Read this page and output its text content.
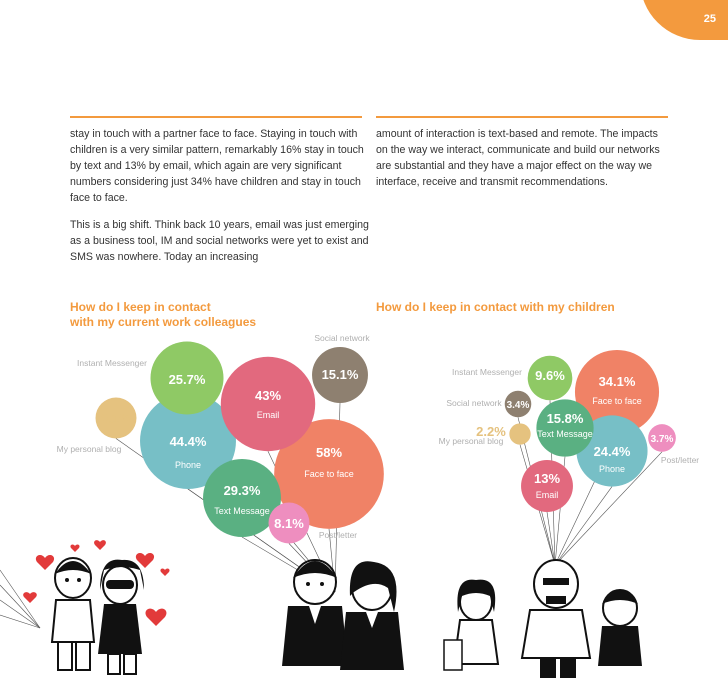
25

stay in touch with a partner face to face. Staying in touch with children is a very similar pattern, remarkably 16% stay in touch by text and 13% by email, which again are very significant numbers considering just 34% have children and stay in touch face to face.

This is a big shift. Think back 10 years, email was just emerging as a business tool, IM and social networks were yet to exist and SMS was nowhere. Today an increasing

amount of interaction is text-based and remote. The impacts on the way we interact, communicate and build our networks are substantial and they have a major effect on the way we interface, receive and transmit recommendations.

How do I keep in contact
with my current work colleagues
How do I keep in contact with my children
58%
Face to face
44.4%
Phone
43%
Email
29.3%
Text Message
25.7%
Instant Messenger
15.1%
Social network
8.1%
My personal blog
8.1%
Post/letter
34.1%
Face to face
24.4%
Phone
15.8%
Text Message
13%
Email
9.6%
Instant Messenger
3.4%
Social network
3.7%
Post/letter
2.2%
My personal blog
